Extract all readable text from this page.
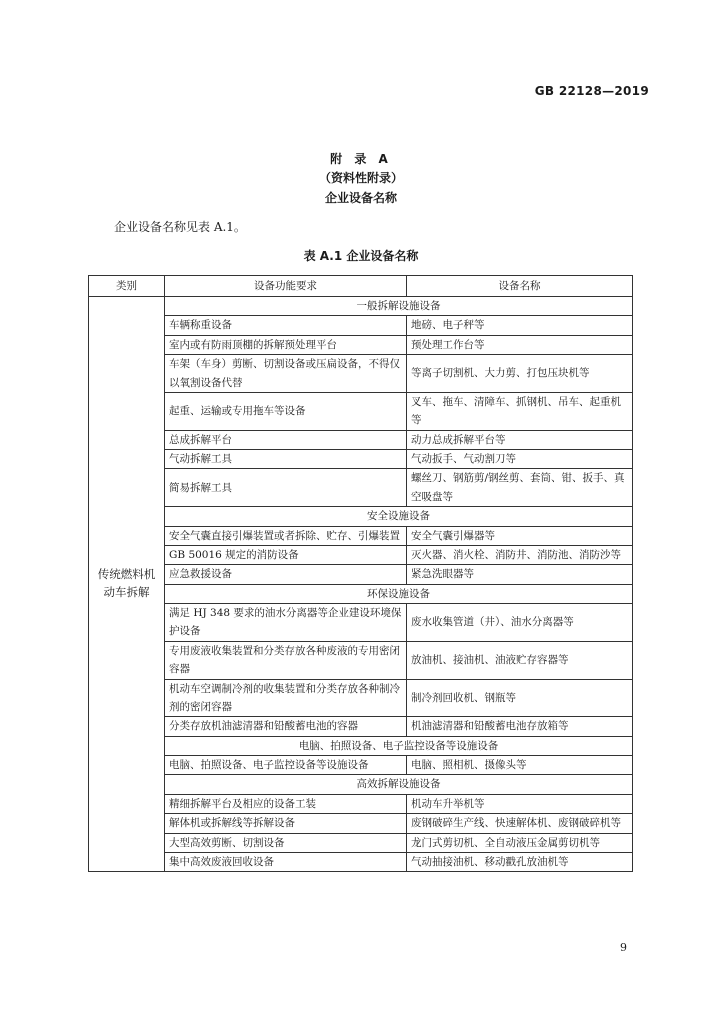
GB 22128—2019
附 录 A
（资料性附录）
企业设备名称
企业设备名称见表 A.1。
表 A.1 企业设备名称
类别	设备功能要求	设备名称
传统燃料机动车拆解	一般拆解设施设备	
	车辆称重设备	地磅、电子秤等
	室内或有防雨顶棚的拆解预处理平台	预处理工作台等
	车架（车身）剪断、切割设备或压扁设备，不得仅以氧割设备代替	等离子切割机、大力剪、打包压块机等
	起重、运输或专用拖车等设备	叉车、拖车、清障车、抓钢机、吊车、起重机等
	总成拆解平台	动力总成拆解平台等
	气动拆解工具	气动扳手、气动割刀等
	简易拆解工具	螺丝刀、钢筋剪/钢丝剪、套筒、钳、扳手、真空吸盘等
	安全设施设备	
	安全气囊直接引爆装置或者拆除、贮存、引爆装置	安全气囊引爆器等
	GB 50016 规定的消防设备	灭火器、消火栓、消防井、消防池、消防沙等
	应急救援设备	紧急洗眼器等
	环保设施设备	
	满足 HJ 348 要求的油水分离器等企业建设环境保护设备	废水收集管道（井）、油水分离器等
	专用废液收集装置和分类存放各种废液的专用密闭容器	放油机、接油机、油液贮存容器等
	机动车空调制冷剂的收集装置和分类存放各种制冷剂的密闭容器	制冷剂回收机、钢瓶等
	分类存放机油滤清器和铅酸蓄电池的容器	机油滤清器和铅酸蓄电池存放箱等
	电脑、拍照设备、电子监控设备等设施设备	
	电脑、拍照设备、电子监控设备等设施设备	电脑、照相机、摄像头等
	高效拆解设施设备	
	精细拆解平台及相应的设备工装	机动车升举机等
	解体机或拆解线等拆解设备	废钢破碎生产线、快速解体机、废钢破碎机等
	大型高效剪断、切割设备	龙门式剪切机、全自动液压金属剪切机等
	集中高效废液回收设备	气动抽接油机、移动戳孔放油机等
9
